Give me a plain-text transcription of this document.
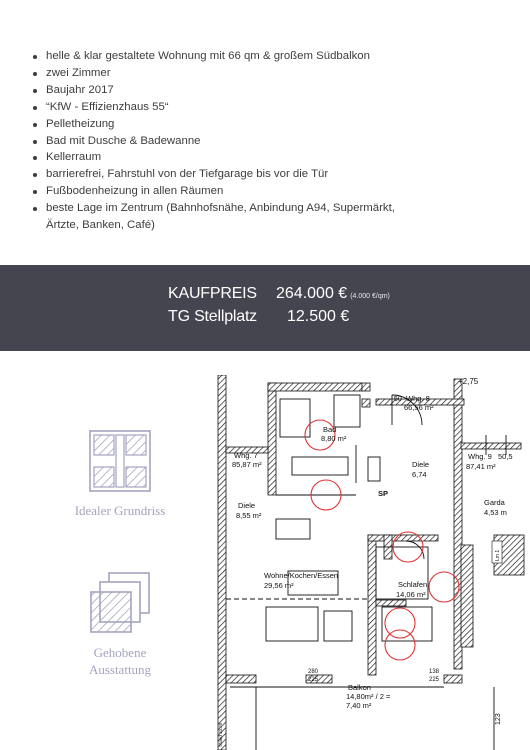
helle & klar gestaltete Wohnung mit 66 qm & großem Südbalkon
zwei Zimmer
Baujahr 2017
“KfW - Effizienzhaus 55“
Pelletheizung
Bad mit Dusche & Badewanne
Kellerraum
barrierefrei, Fahrstuhl von der Tiefgarage bis vor die Tür
Fußbodenheizung in allen Räumen
beste Lage im Zentrum (Bahnhofsnähe, Anbindung A94, Supermärkt,
Ärtzte, Banken, Café)
KAUFPREIS 264.000 € (4.000 €/qm)
TG Stellplatz 12.500 €
Idealer Grundriss
Gehobene
Ausstattung
+2,75
Whg. 8
50
66,56 m²
Bad
8,80 m²
Whg. 7
85,87 m²	Diele
6,74
Whg. 9 50,5
87,41 m²
Garda
4,53 m
SP
Diele
8,55 m²
Wohne/Kochen/Essen
29,56 m²	Schlafen
14,06 m²
Balkon
14,80m² / 2 =
7,40 m²
280
225
138
225
123
Lm 1
Stand 10.20
